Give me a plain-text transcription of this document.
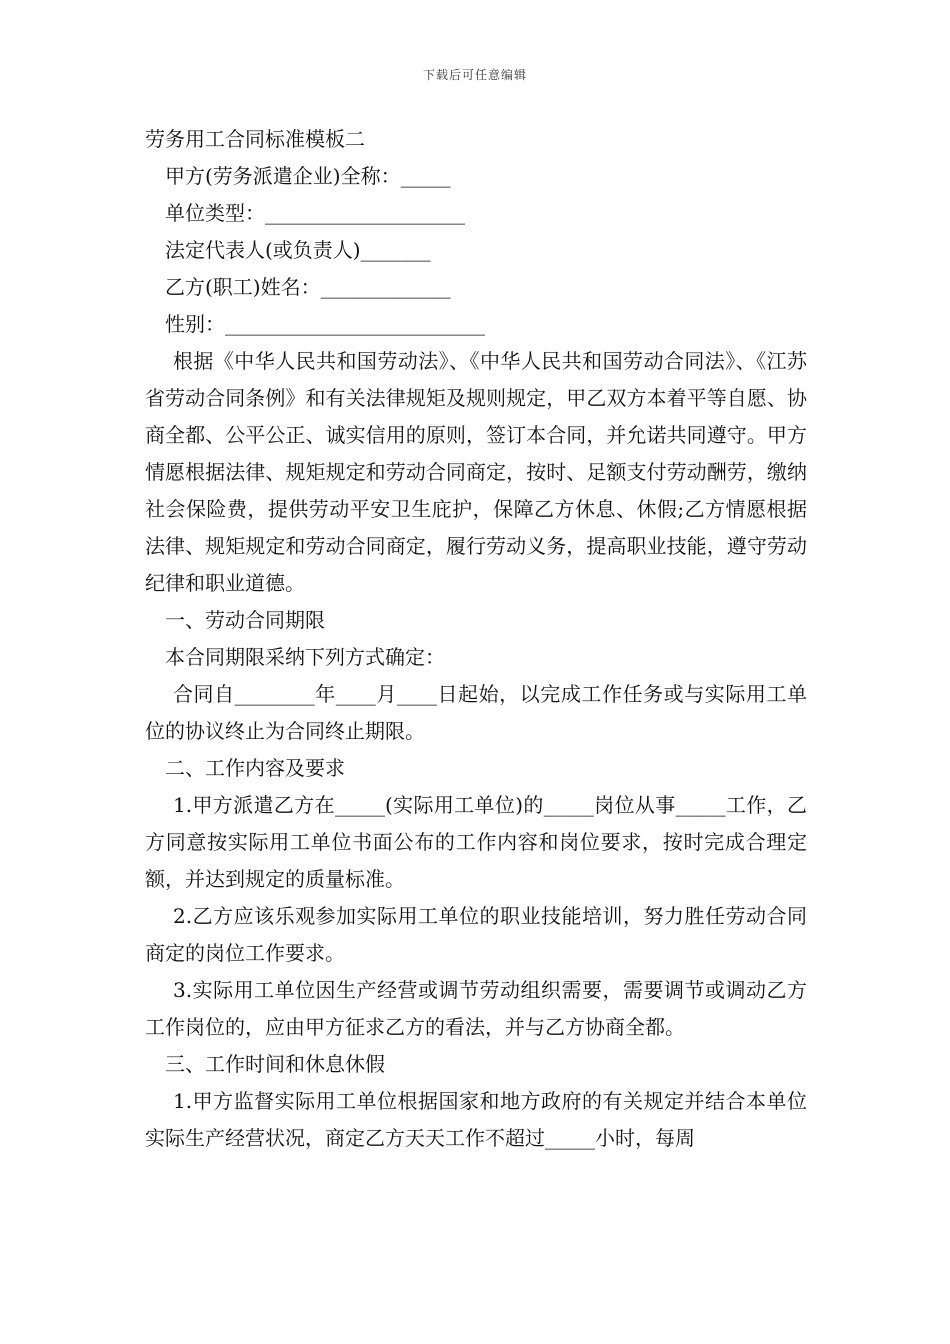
下载后可任意编辑
劳务用工合同标准模板二
甲方(劳务派遣企业)全称：_____
单位类型：____________________
法定代表人(或负责人)_______
乙方(职工)姓名：_____________
性别：__________________________
根据《中华人民共和国劳动法》、《中华人民共和国劳动合同法》、《江苏省劳动合同条例》和有关法律规矩及规则规定，甲乙双方本着平等自愿、协商全都、公平公正、诚实信用的原则，签订本合同，并允诺共同遵守。甲方情愿根据法律、规矩规定和劳动合同商定，按时、足额支付劳动酬劳，缴纳社会保险费，提供劳动平安卫生庇护，保障乙方休息、休假;乙方情愿根据法律、规矩规定和劳动合同商定，履行劳动义务，提高职业技能，遵守劳动纪律和职业道德。
一、劳动合同期限
本合同期限采纳下列方式确定：
合同自________年____月____日起始，以完成工作任务或与实际用工单位的协议终止为合同终止期限。
二、工作内容及要求
1.甲方派遣乙方在_____(实际用工单位)的_____岗位从事_____工作，乙方同意按实际用工单位书面公布的工作内容和岗位要求，按时完成合理定额，并达到规定的质量标准。
2.乙方应该乐观参加实际用工单位的职业技能培训，努力胜任劳动合同商定的岗位工作要求。
3.实际用工单位因生产经营或调节劳动组织需要，需要调节或调动乙方工作岗位的，应由甲方征求乙方的看法，并与乙方协商全都。
三、工作时间和休息休假
1.甲方监督实际用工单位根据国家和地方政府的有关规定并结合本单位实际生产经营状况，商定乙方天天工作不超过_____小时，每周
